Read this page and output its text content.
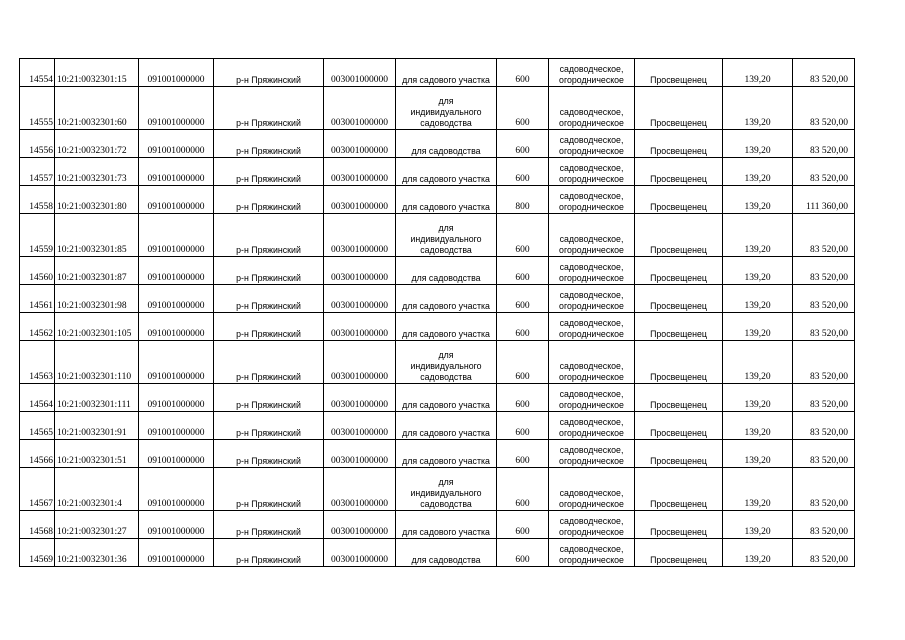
14554	10:21:0032301:15	091001000000	р-н Пряжинский	003001000000	для садового участка	600	садоводческое,
огородническое	Просвещенец	139,20	83 520,00
14555	10:21:0032301:60	091001000000	р-н Пряжинский	003001000000	для
индивидуального
садоводства	600	садоводческое,
огородническое	Просвещенец	139,20	83 520,00
14556	10:21:0032301:72	091001000000	р-н Пряжинский	003001000000	для садоводства	600	садоводческое,
огородническое	Просвещенец	139,20	83 520,00
14557	10:21:0032301:73	091001000000	р-н Пряжинский	003001000000	для садового участка	600	садоводческое,
огородническое	Просвещенец	139,20	83 520,00
14558	10:21:0032301:80	091001000000	р-н Пряжинский	003001000000	для садового участка	800	садоводческое,
огородническое	Просвещенец	139,20	111 360,00
14559	10:21:0032301:85	091001000000	р-н Пряжинский	003001000000	для
индивидуального
садоводства	600	садоводческое,
огородническое	Просвещенец	139,20	83 520,00
14560	10:21:0032301:87	091001000000	р-н Пряжинский	003001000000	для садоводства	600	садоводческое,
огородническое	Просвещенец	139,20	83 520,00
14561	10:21:0032301:98	091001000000	р-н Пряжинский	003001000000	для садового участка	600	садоводческое,
огородническое	Просвещенец	139,20	83 520,00
14562	10:21:0032301:105	091001000000	р-н Пряжинский	003001000000	для садового участка	600	садоводческое,
огородническое	Просвещенец	139,20	83 520,00
14563	10:21:0032301:110	091001000000	р-н Пряжинский	003001000000	для
индивидуального
садоводства	600	садоводческое,
огородническое	Просвещенец	139,20	83 520,00
14564	10:21:0032301:111	091001000000	р-н Пряжинский	003001000000	для садового участка	600	садоводческое,
огородническое	Просвещенец	139,20	83 520,00
14565	10:21:0032301:91	091001000000	р-н Пряжинский	003001000000	для садового участка	600	садоводческое,
огородническое	Просвещенец	139,20	83 520,00
14566	10:21:0032301:51	091001000000	р-н Пряжинский	003001000000	для садового участка	600	садоводческое,
огородническое	Просвещенец	139,20	83 520,00
14567	10:21:0032301:4	091001000000	р-н Пряжинский	003001000000	для
индивидуального
садоводства	600	садоводческое,
огородническое	Просвещенец	139,20	83 520,00
14568	10:21:0032301:27	091001000000	р-н Пряжинский	003001000000	для садового участка	600	садоводческое,
огородническое	Просвещенец	139,20	83 520,00
14569	10:21:0032301:36	091001000000	р-н Пряжинский	003001000000	для садоводства	600	садоводческое,
огородническое	Просвещенец	139,20	83 520,00
